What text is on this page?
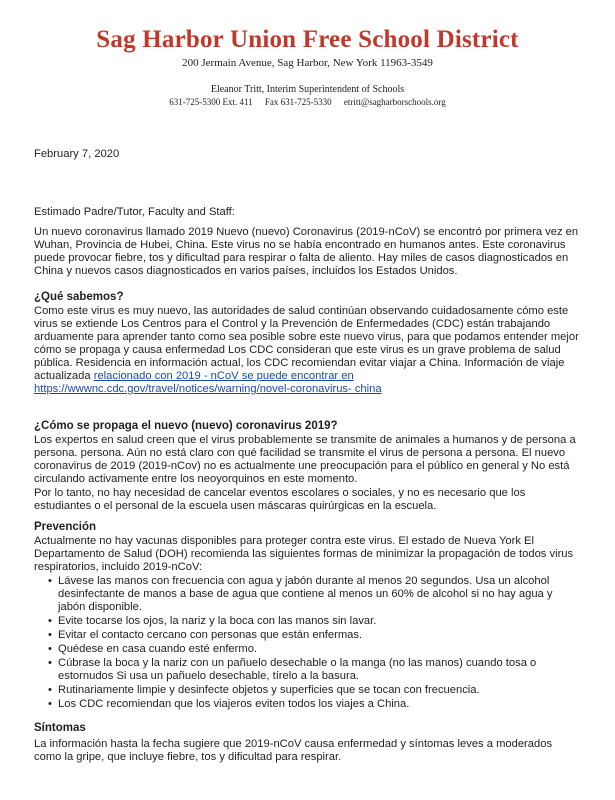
Sag Harbor Union Free School District
200 Jermain Avenue, Sag Harbor, New York 11963-3549
Eleanor Tritt, Interim Superintendent of Schools
631-725-5300 Ext. 411 Fax 631-725-5330 etritt@sagharborschools.org
February 7, 2020
Estimado Padre/Tutor, Faculty and Staff:
Un nuevo coronavirus llamado 2019 Nuevo (nuevo) Coronavirus (2019-nCoV) se encontró por primera vez en Wuhan, Provincia de Hubei, China. Este virus no se había encontrado en humanos antes. Este coronavirus puede provocar fiebre, tos y dificultad para respirar o falta de aliento. Hay miles de casos diagnosticados en China y nuevos casos diagnosticados en varios países, incluidos los Estados Unidos.
¿Qué sabemos?
Como este virus es muy nuevo, las autoridades de salud continúan observando cuidadosamente cómo este virus se extiende Los Centros para el Control y la Prevención de Enfermedades (CDC) están trabajando arduamente para aprender tanto como sea posible sobre este nuevo virus, para que podamos entender mejor cómo se propaga y causa enfermedad Los CDC consideran que este virus es un grave problema de salud pública. Residencia en información actual, los CDC recomiendan evitar viajar a China. Información de viaje actualizada relacionado con 2019 - nCoV se puede encontrar en https://wwwnc.cdc.gov/travel/notices/warning/novel-coronavirus- china
¿Cómo se propaga el nuevo (nuevo) coronavirus 2019?
Los expertos en salud creen que el virus probablemente se transmite de animales a humanos y de persona a persona. persona. Aún no está claro con qué facilidad se transmite el virus de persona a persona. El nuevo coronavirus de 2019 (2019-nCov) no es actualmente une preocupación para el público en general y No está circulando activamente entre los neoyorquinos en este momento.
Por lo tanto, no hay necesidad de cancelar eventos escolares o sociales, y no es necesario que los estudiantes o el personal de la escuela usen máscaras quirúrgicas en la escuela.
Prevención
Actualmente no hay vacunas disponibles para proteger contra este virus. El estado de Nueva York El Departamento de Salud (DOH) recomienda las siguientes formas de minimizar la propagación de todos virus respiratorios, incluido 2019-nCoV:
• Lávese las manos con frecuencia con agua y jabón durante al menos 20 segundos. Usa un alcohol desinfectante de manos a base de agua que contiene al menos un 60% de alcohol si no hay agua y jabón disponible.
• Evite tocarse los ojos, la nariz y la boca con las manos sin lavar.
• Evitar el contacto cercano con personas que están enfermas.
• Quédese en casa cuando esté enfermo.
• Cúbrase la boca y la nariz con un pañuelo desechable o la manga (no las manos) cuando tosa o estornudos Si usa un pañuelo desechable, tírelo a la basura.
• Rutinariamente limpie y desinfecte objetos y superficies que se tocan con frecuencia.
• Los CDC recomiendan que los viajeros eviten todos los viajes a China.
Síntomas
La información hasta la fecha sugiere que 2019-nCoV causa enfermedad y síntomas leves a moderados como la gripe, que incluye fiebre, tos y dificultad para respirar.
